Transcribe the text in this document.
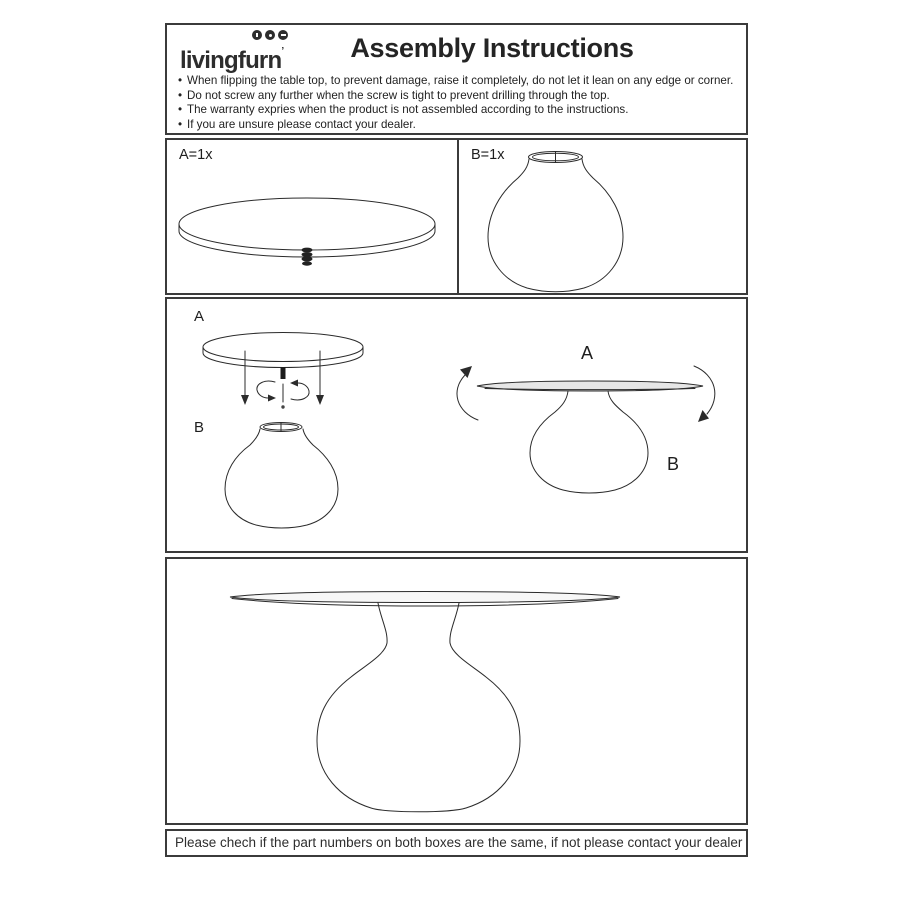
livingfurn’	Assembly Instructions
• When flipping the table top, to prevent damage, raise it completely, do not let it lean on any edge or corner.
• Do not screw any further when the screw is tight to prevent drilling through the top.
• The warranty expries when the product is not assembled according to the instructions.
• If you are unsure please contact your dealer.
A=1x	B=1x
A
B
A
B
Please chech if the part numbers on both boxes are the same, if not please contact your dealer
